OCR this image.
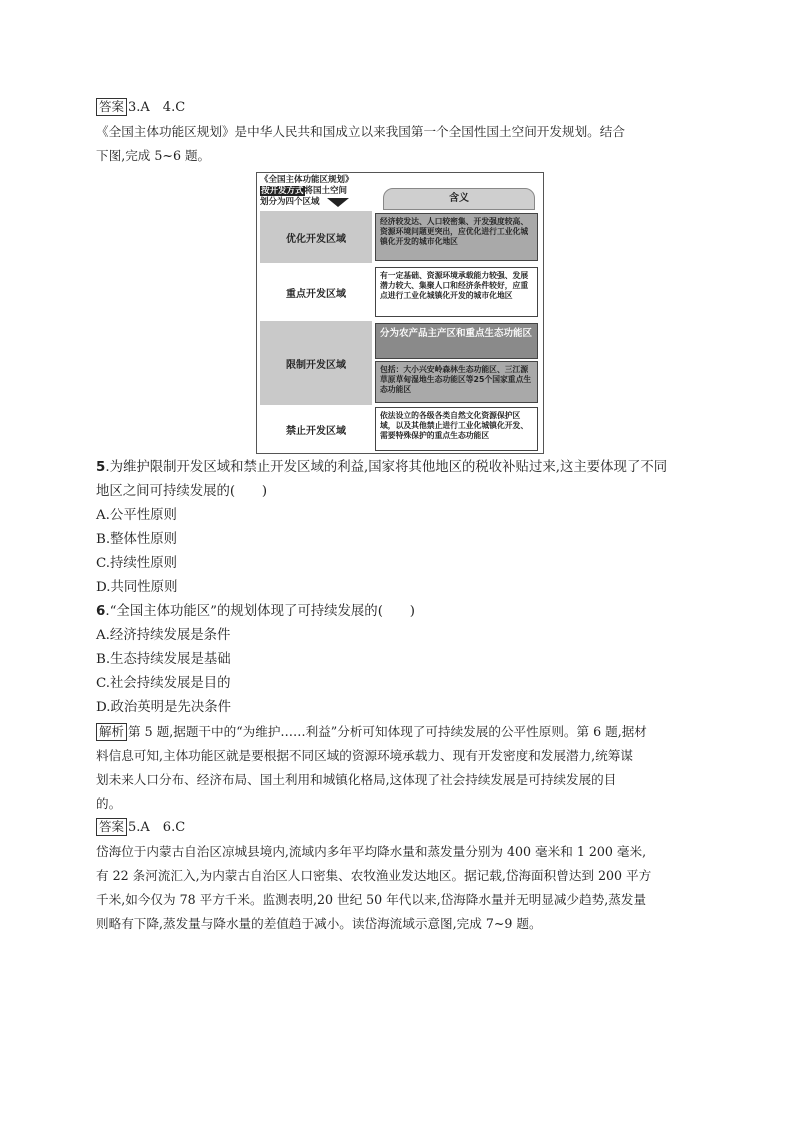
答案 3.A　4.C
《全国主体功能区规划》是中华人民共和国成立以来我国第一个全国性国土空间开发规划。结合
下图,完成 5~6 题。
《全国主体功能区规划》
按开发方式将国土空间
划分为四个区域	含义
优化开发区域
经济较发达、人口较密集、开发强度较高、资源环境问题更突出，应优化进行工业化城镇化开发的城市化地区
重点开发区域
有一定基础、资源环境承载能力较强、发展潜力较大、集聚人口和经济条件较好，应重点进行工业化城镇化开发的城市化地区
限制开发区域
分为农产品主产区和重点生态功能区
包括：大小兴安岭森林生态功能区、三江源草原草甸湿地生态功能区等25个国家重点生态功能区
禁止开发区域
依法设立的各级各类自然文化资源保护区域，以及其他禁止进行工业化城镇化开发、需要特殊保护的重点生态功能区
5.为维护限制开发区域和禁止开发区域的利益,国家将其他地区的税收补贴过来,这主要体现了不同
地区之间可持续发展的(　　)
A.公平性原则
B.整体性原则
C.持续性原则
D.共同性原则
6.“全国主体功能区”的规划体现了可持续发展的(　　)
A.经济持续发展是条件
B.生态持续发展是基础
C.社会持续发展是目的
D.政治英明是先决条件
解析 第 5 题,据题干中的“为维护……利益”分析可知体现了可持续发展的公平性原则。第 6 题,据材
料信息可知,主体功能区就是要根据不同区域的资源环境承载力、现有开发密度和发展潜力,统筹谋
划未来人口分布、经济布局、国土利用和城镇化格局,这体现了社会持续发展是可持续发展的目
的。
答案 5.A　6.C
岱海位于内蒙古自治区凉城县境内,流域内多年平均降水量和蒸发量分别为 400 毫米和 1 200 毫米,
有 22 条河流汇入,为内蒙古自治区人口密集、农牧渔业发达地区。据记载,岱海面积曾达到 200 平方
千米,如今仅为 78 平方千米。监测表明,20 世纪 50 年代以来,岱海降水量并无明显减少趋势,蒸发量
则略有下降,蒸发量与降水量的差值趋于减小。读岱海流域示意图,完成 7~9 题。
